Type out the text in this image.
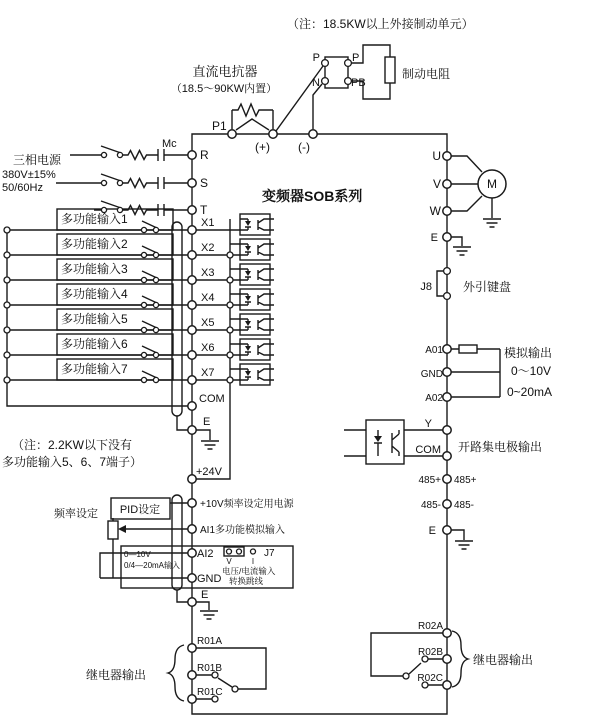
多功能输入1
多功能输入2
多功能输入3
多功能输入4
多功能输入5
多功能输入6
多功能输入7
（注：18.5KW以上外接制动单元）
直流电抗器
（18.5～90KW内置）
P1
(+) (-)
P
N
P
PB
制动电阻
三相电源
380V±15%
50/60Hz
Mc
R
S
T
变频器SOB系列
X1
X2
X3
X4
X5
X6
X7
COM
E
+24V
（注：2.2KW以下没有
多功能输入5、6、7端子）
+10V频率设定用电源
频率设定 PID设定
AI1多功能模拟输入
AI2
GND
E
0—10V
0/4—20mA输入	V	I
J7
电压/电流输入
转换跳线
R01A
R01B
R01C
继电器输出
U
V
W
E
M
J8	外引键盘
A01
GND
A02
模拟输出
0～10V
0~20mA
Y
COM 开路集电极输出
485+ 485+
485- 485-
E
R02A
R02B
R02C
继电器输出
